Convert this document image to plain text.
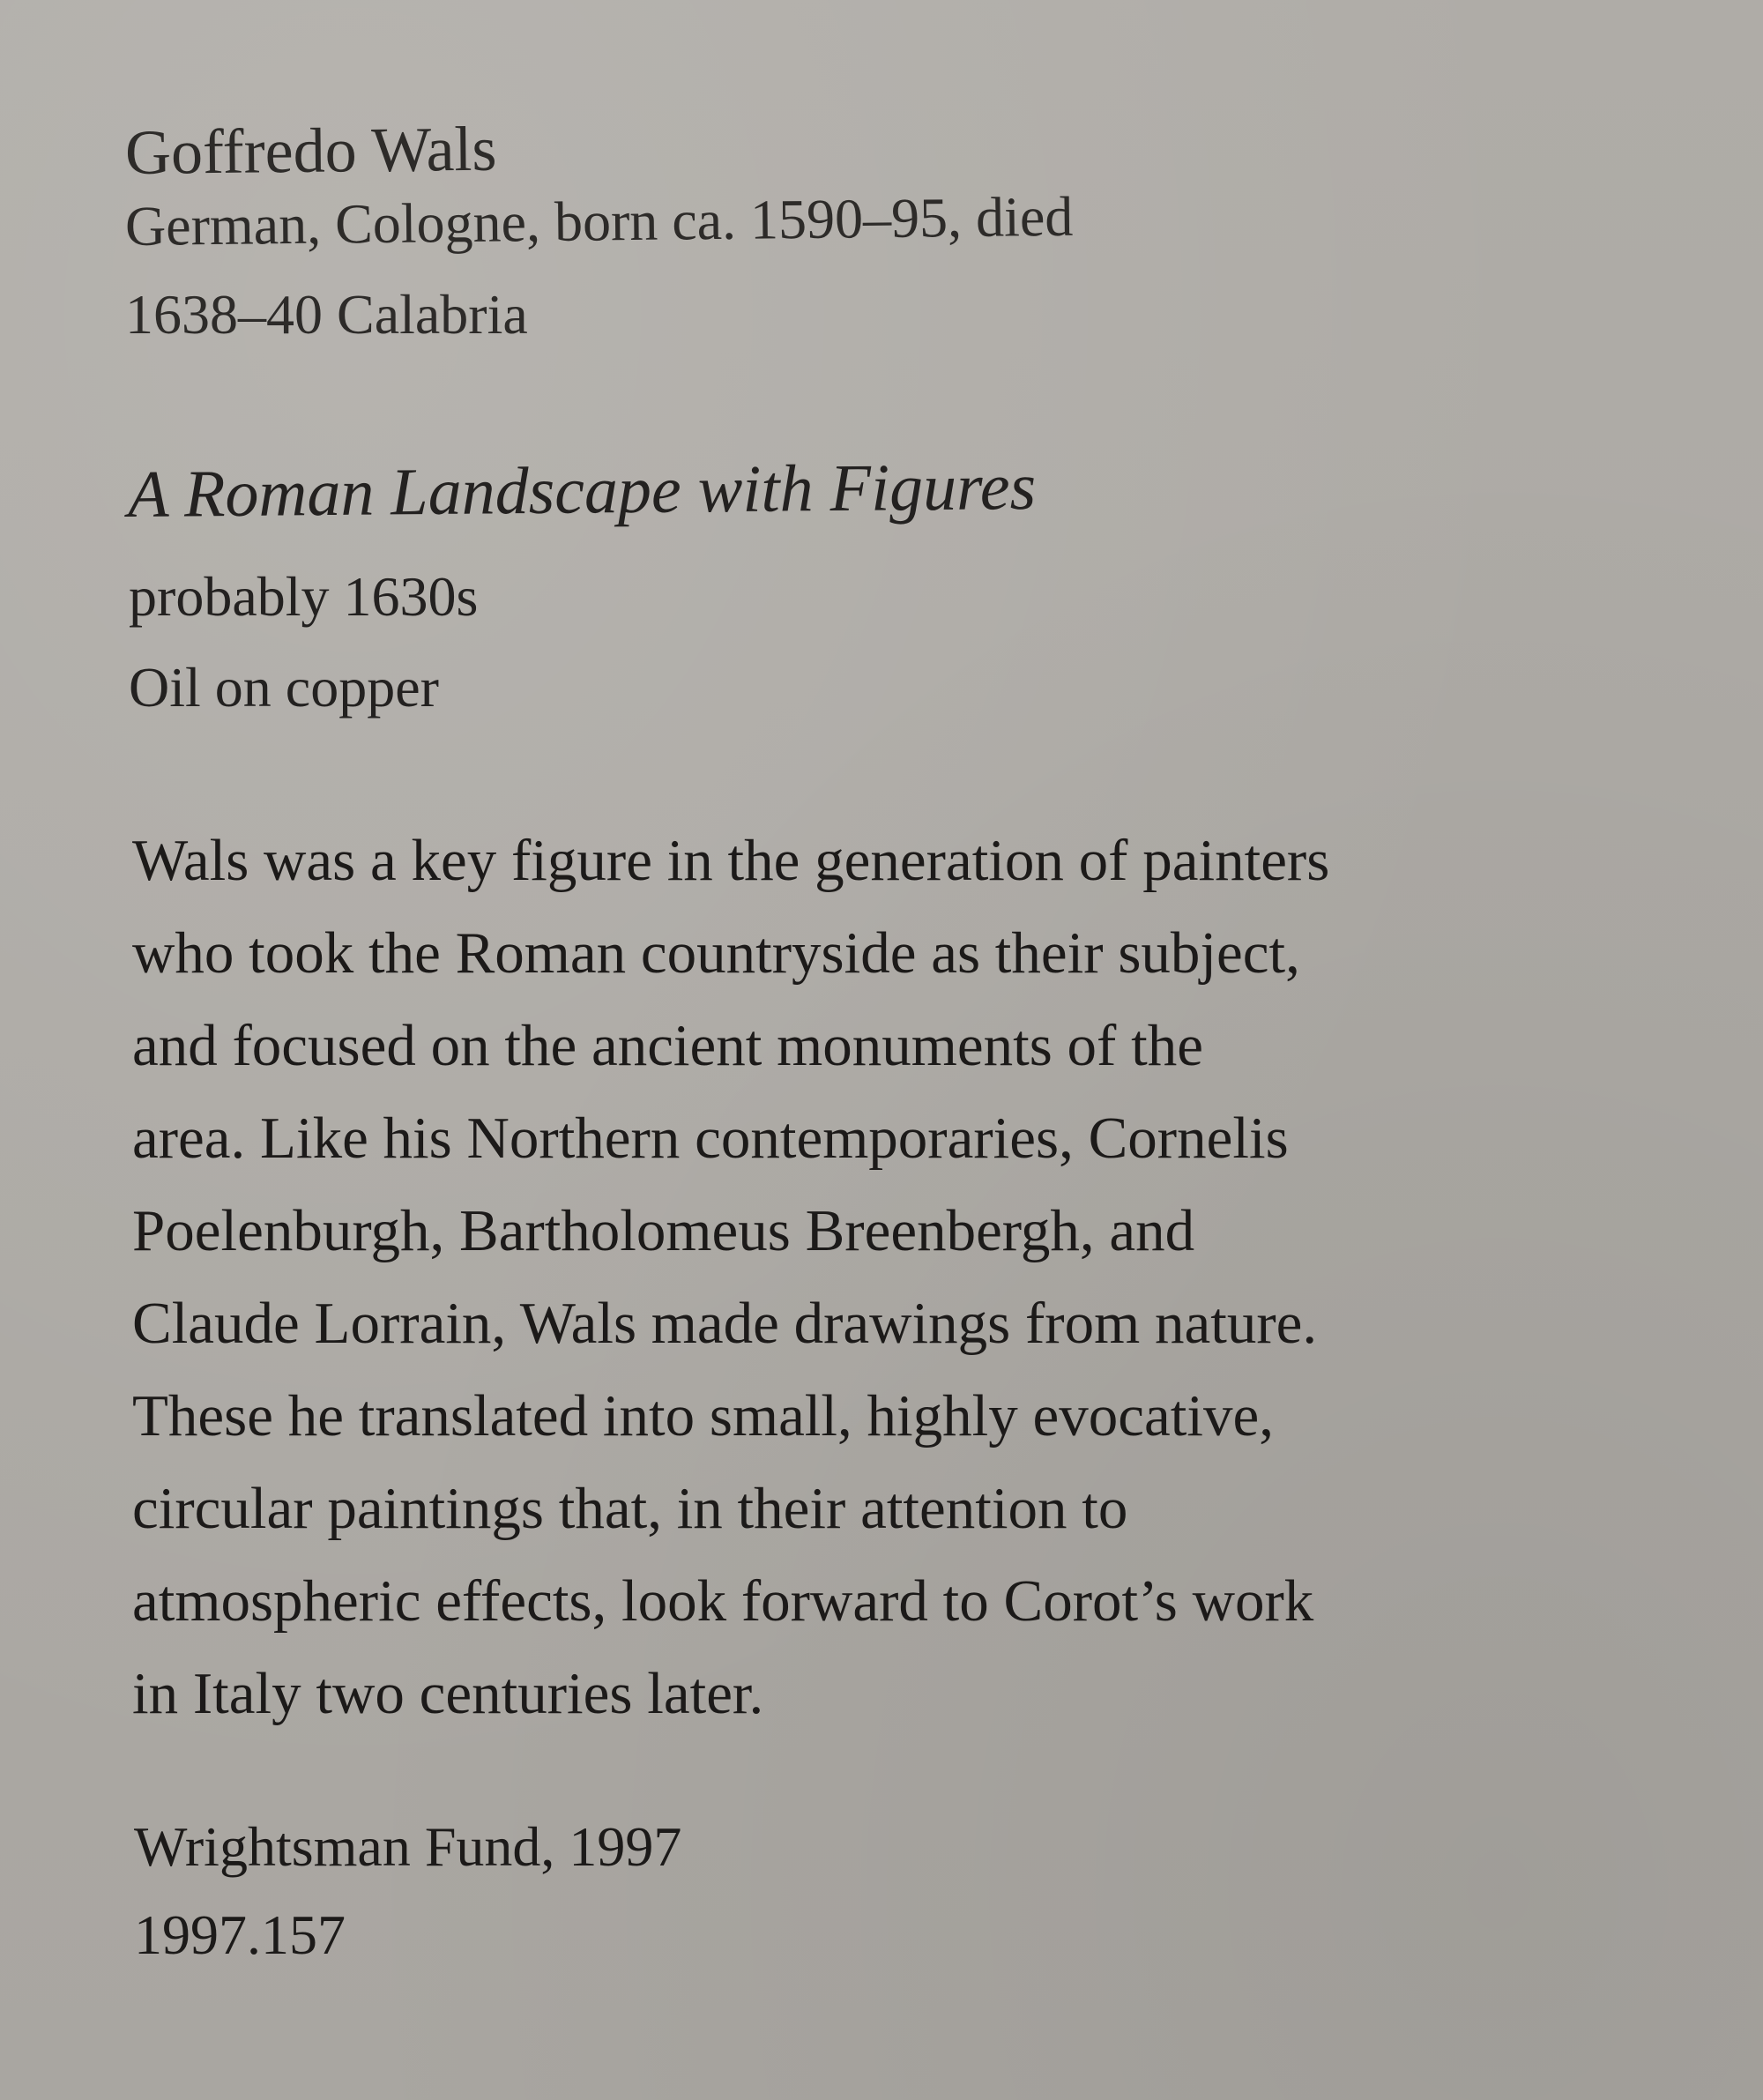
Goffredo Wals

German, Cologne, born ca. 1590–95, died

1638–40 Calabria

A Roman Landscape with Figures

probably 1630s

Oil on copper

Wals was a key figure in the generation of painters

who took the Roman countryside as their subject,

and focused on the ancient monuments of the

area. Like his Northern contemporaries, Cornelis

Poelenburgh, Bartholomeus Breenbergh, and

Claude Lorrain, Wals made drawings from nature.

These he translated into small, highly evocative,

circular paintings that, in their attention to

atmospheric effects, look forward to Corot’s work

in Italy two centuries later.

Wrightsman Fund, 1997

1997.157
